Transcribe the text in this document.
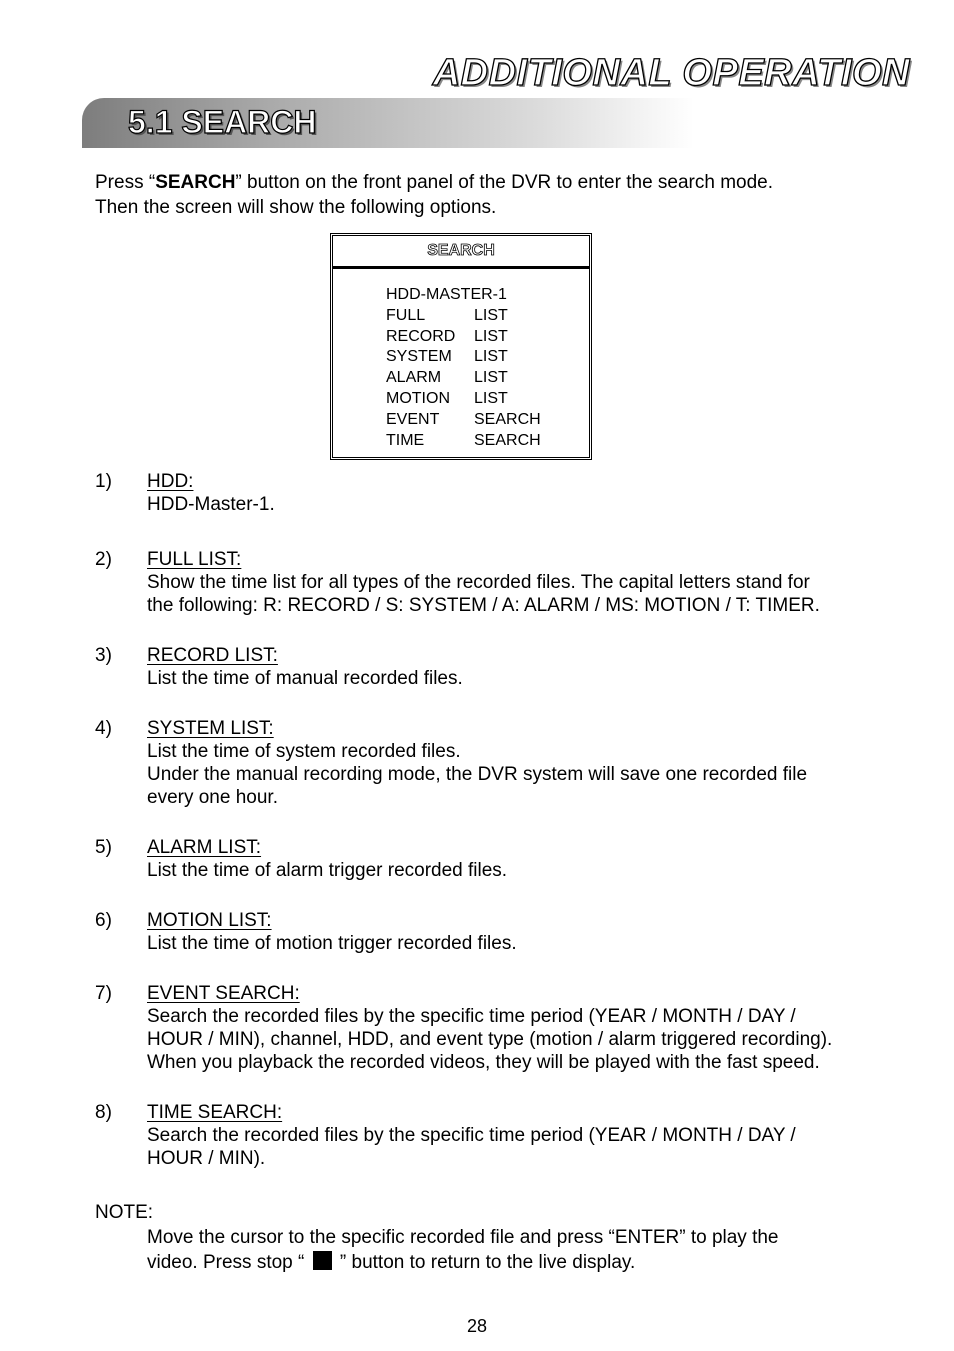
ADDITIONAL OPERATION
5.1 SEARCH

Press “SEARCH” button on the front panel of the DVR to enter the search mode.

Then the screen will show the following options.

SEARCH
HDD-MASTER-1
FULL	LIST
RECORD	LIST
SYSTEM	LIST
ALARM	LIST
MOTION	LIST
EVENT	SEARCH
TIME	SEARCH
1)	HDD:

HDD-Master-1.

2)	FULL LIST:

Show the time list for all types of the recorded files. The capital letters stand for

the following: R: RECORD / S: SYSTEM / A: ALARM / MS: MOTION / T: TIMER.

3)	RECORD LIST:

List the time of manual recorded files.

4)	SYSTEM LIST:

List the time of system recorded files.

Under the manual recording mode, the DVR system will save one recorded file

every one hour.

5)	ALARM LIST:

List the time of alarm trigger recorded files.

6)	MOTION LIST:

List the time of motion trigger recorded files.

7)	EVENT SEARCH:

Search the recorded files by the specific time period (YEAR / MONTH / DAY /

HOUR / MIN), channel, HDD, and event type (motion / alarm triggered recording).

When you playback the recorded videos, they will be played with the fast speed.

8)	TIME SEARCH:

Search the recorded files by the specific time period (YEAR / MONTH / DAY /

HOUR / MIN).

NOTE:
Move the cursor to the specific recorded file and press “ENTER” to play the
video. Press stop “ ” button to return to the live display.
28
